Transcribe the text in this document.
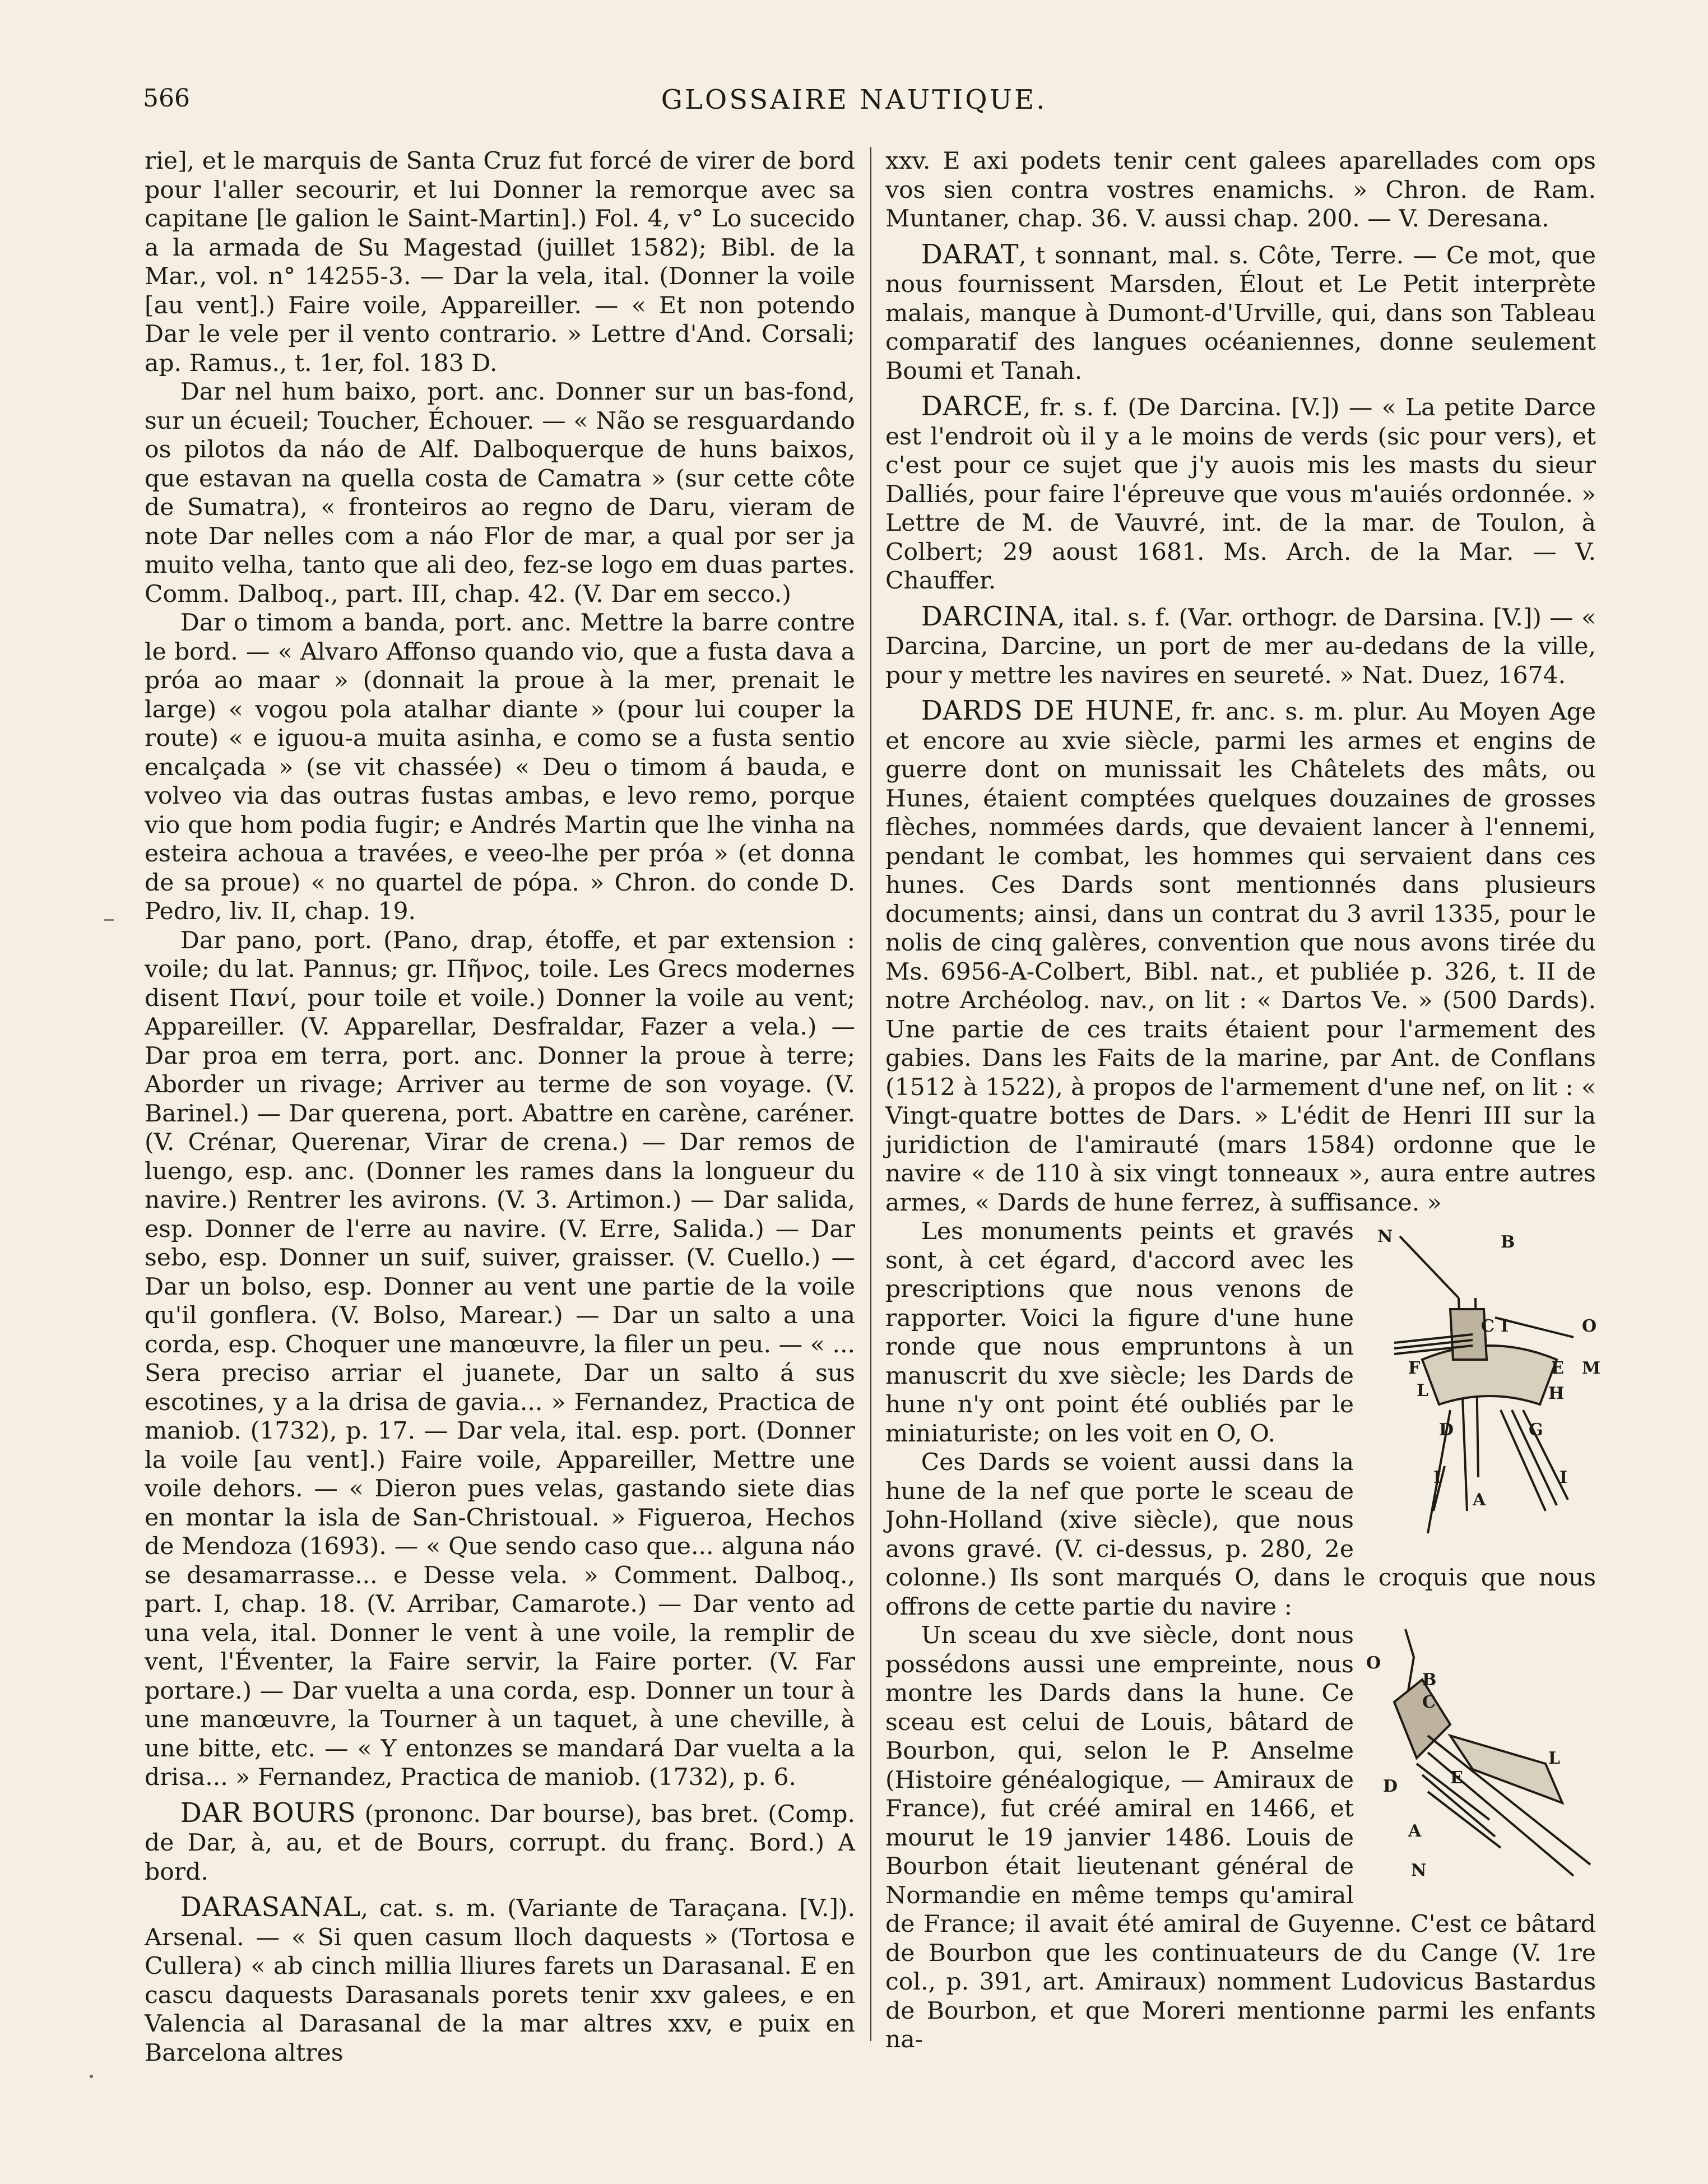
566	GLOSSAIRE NAUTIQUE.

rie], et le marquis de Santa Cruz fut forcé de virer de bord pour l'aller secourir, et lui Donner la remorque avec sa capitane [le galion le Saint-Martin].) Fol. 4, v° Lo sucecido a la armada de Su Magestad (juillet 1582); Bibl. de la Mar., vol. n° 14255-3. — Dar la vela, ital. (Donner la voile [au vent].) Faire voile, Appareiller. — « Et non potendo Dar le vele per il vento contrario. » Lettre d'And. Corsali; ap. Ramus., t. 1er, fol. 183 D.

Dar nel hum baixo, port. anc. Donner sur un bas-fond, sur un écueil; Toucher, Échouer. — « Não se resguardando os pilotos da náo de Alf. Dalboquerque de huns baixos, que estavan na quella costa de Camatra » (sur cette côte de Sumatra), « fronteiros ao regno de Daru, vieram de note Dar nelles com a náo Flor de mar, a qual por ser ja muito velha, tanto que ali deo, fez-se logo em duas partes. Comm. Dalboq., part. III, chap. 42. (V. Dar em secco.)

Dar o timom a banda, port. anc. Mettre la barre contre le bord. — « Alvaro Affonso quando vio, que a fusta dava a próa ao maar » (donnait la proue à la mer, prenait le large) « vogou pola atalhar diante » (pour lui couper la route) « e iguou-a muita asinha, e como se a fusta sentio encalçada » (se vit chassée) « Deu o timom á bauda, e volveo via das outras fustas ambas, e levo remo, porque vio que hom podia fugir; e Andrés Martin que lhe vinha na esteira achoua a travées, e veeo-lhe per próa » (et donna de sa proue) « no quartel de pópa. » Chron. do conde D. Pedro, liv. II, chap. 19.

Dar pano, port. (Pano, drap, étoffe, et par extension : voile; du lat. Pannus; gr. Πῆνος, toile. Les Grecs modernes disent Πανί, pour toile et voile.) Donner la voile au vent; Appareiller. (V. Apparellar, Desfraldar, Fazer a vela.) — Dar proa em terra, port. anc. Donner la proue à terre; Aborder un rivage; Arriver au terme de son voyage. (V. Barinel.) — Dar querena, port. Abattre en carène, caréner. (V. Crénar, Querenar, Virar de crena.) — Dar remos de luengo, esp. anc. (Donner les rames dans la longueur du navire.) Rentrer les avirons. (V. 3. Artimon.) — Dar salida, esp. Donner de l'erre au navire. (V. Erre, Salida.) — Dar sebo, esp. Donner un suif, suiver, graisser. (V. Cuello.) — Dar un bolso, esp. Donner au vent une partie de la voile qu'il gonflera. (V. Bolso, Marear.) — Dar un salto a una corda, esp. Choquer une manœuvre, la filer un peu. — « ... Sera preciso arriar el juanete, Dar un salto á sus escotines, y a la drisa de gavia... » Fernandez, Practica de maniob. (1732), p. 17. — Dar vela, ital. esp. port. (Donner la voile [au vent].) Faire voile, Appareiller, Mettre une voile dehors. — « Dieron pues velas, gastando siete dias en montar la isla de San-Christoual. » Figueroa, Hechos de Mendoza (1693). — « Que sendo caso que... alguna náo se desamarrasse... e Desse vela. » Comment. Dalboq., part. I, chap. 18. (V. Arribar, Camarote.) — Dar vento ad una vela, ital. Donner le vent à une voile, la remplir de vent, l'Éventer, la Faire servir, la Faire porter. (V. Far portare.) — Dar vuelta a una corda, esp. Donner un tour à une manœuvre, la Tourner à un taquet, à une cheville, à une bitte, etc. — « Y entonzes se mandará Dar vuelta a la drisa... » Fernandez, Practica de maniob. (1732), p. 6.

DAR BOURS (prononc. Dar bourse), bas bret. (Comp. de Dar, à, au, et de Bours, corrupt. du franç. Bord.) A bord.

DARASANAL, cat. s. m. (Variante de Taraçana. [V.]). Arsenal. — « Si quen casum lloch daquests » (Tortosa e Cullera) « ab cinch millia lliures farets un Darasanal. E en cascu daquests Darasanals porets tenir xxv galees, e en Valencia al Darasanal de la mar altres xxv, e puix en Barcelona altres

xxv. E axi podets tenir cent galees aparellades com ops vos sien contra vostres enamichs. » Chron. de Ram. Muntaner, chap. 36. V. aussi chap. 200. — V. Deresana.

DARAT, t sonnant, mal. s. Côte, Terre. — Ce mot, que nous fournissent Marsden, Élout et Le Petit interprète malais, manque à Dumont-d'Urville, qui, dans son Tableau comparatif des langues océaniennes, donne seulement Boumi et Tanah.

DARCE, fr. s. f. (De Darcina. [V.]) — « La petite Darce est l'endroit où il y a le moins de verds (sic pour vers), et c'est pour ce sujet que j'y auois mis les masts du sieur Dalliés, pour faire l'épreuve que vous m'auiés ordonnée. » Lettre de M. de Vauvré, int. de la mar. de Toulon, à Colbert; 29 aoust 1681. Ms. Arch. de la Mar. — V. Chauffer.

DARCINA, ital. s. f. (Var. orthogr. de Darsina. [V.]) — « Darcina, Darcine, un port de mer au-dedans de la ville, pour y mettre les navires en seureté. » Nat. Duez, 1674.

DARDS DE HUNE, fr. anc. s. m. plur. Au Moyen Age et encore au xvie siècle, parmi les armes et engins de guerre dont on munissait les Châtelets des mâts, ou Hunes, étaient comptées quelques douzaines de grosses flèches, nommées dards, que devaient lancer à l'ennemi, pendant le combat, les hommes qui servaient dans ces hunes. Ces Dards sont mentionnés dans plusieurs documents; ainsi, dans un contrat du 3 avril 1335, pour le nolis de cinq galères, convention que nous avons tirée du Ms. 6956-A-Colbert, Bibl. nat., et publiée p. 326, t. II de notre Archéolog. nav., on lit : « Dartos Ve. » (500 Dards). Une partie de ces traits étaient pour l'armement des gabies. Dans les Faits de la marine, par Ant. de Conflans (1512 à 1522), à propos de l'armement d'une nef, on lit : « Vingt-quatre bottes de Dars. » L'édit de Henri III sur la juridiction de l'amirauté (mars 1584) ordonne que le navire « de 110 à six vingt tonneaux », aura entre autres armes, « Dards de hune ferrez, à suffisance. »

N	B
O
C I
F	E M
L	H
D	G
I	I
A

Les monuments peints et gravés sont, à cet égard, d'accord avec les prescriptions que nous venons de rapporter. Voici la figure d'une hune ronde que nous empruntons à un manuscrit du xve siècle; les Dards de hune n'y ont point été oubliés par le miniaturiste; on les voit en O, O.

Ces Dards se voient aussi dans la hune de la nef que porte le sceau de John-Holland (xive siècle), que nous avons gravé. (V. ci-dessus, p. 280, 2e colonne.) Ils sont marqués O, dans le croquis que nous offrons de cette partie du navire :

O
B
C
L
D	E
A
N

Un sceau du xve siècle, dont nous possédons aussi une empreinte, nous montre les Dards dans la hune. Ce sceau est celui de Louis, bâtard de Bourbon, qui, selon le P. Anselme (Histoire généalogique, — Amiraux de France), fut créé amiral en 1466, et mourut le 19 janvier 1486. Louis de Bourbon était lieutenant général de Normandie en même temps qu'amiral de France; il avait été amiral de Guyenne. C'est ce bâtard de Bourbon que les continuateurs de du Cange (V. 1re col., p. 391, art. Amiraux) nomment Ludovicus Bastardus de Bourbon, et que Moreri mentionne parmi les enfants na-
